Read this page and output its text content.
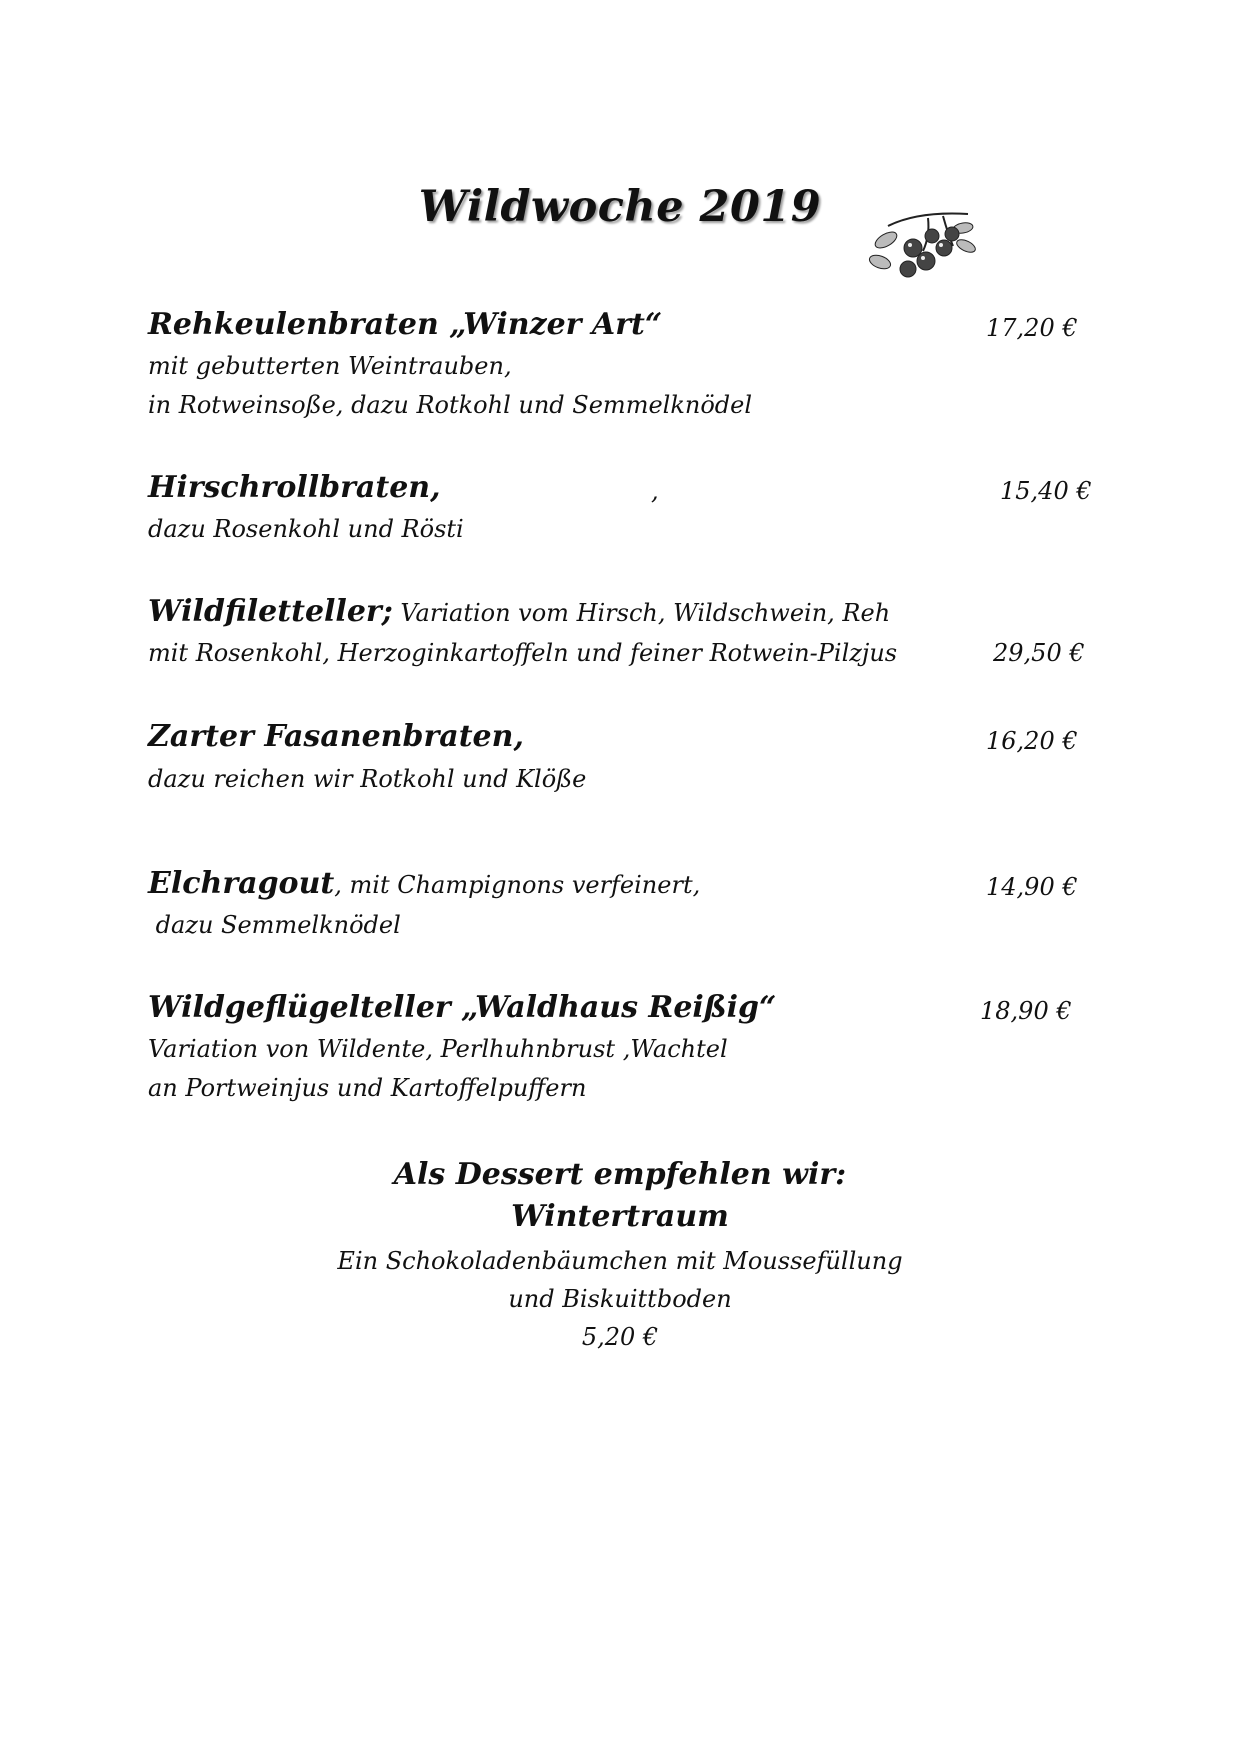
Wildwoche 2019
Rehkeulenbraten „Winzer Art“	17,20 €
mit gebutterten Weintrauben,
in Rotweinsoße, dazu Rotkohl und Semmelknödel
Hirschrollbraten,	,	15,40 €
dazu Rosenkohl und Rösti
Wildfiletteller; Variation vom Hirsch, Wildschwein, Reh
mit Rosenkohl, Herzoginkartoffeln und feiner Rotwein-Pilzjus	29,50 €
Zarter Fasanenbraten,	16,20 €
dazu reichen wir Rotkohl und Klöße
Elchragout, mit Champignons verfeinert,	14,90 €
dazu Semmelknödel
Wildgeflügelteller „Waldhaus Reißig“	18,90 €
Variation von Wildente, Perlhuhnbrust ,Wachtel
an Portweinjus und Kartoffelpuffern
Als Dessert empfehlen wir:
Wintertraum
Ein Schokoladenbäumchen mit Moussefüllung
und Biskuittboden
5,20 €
